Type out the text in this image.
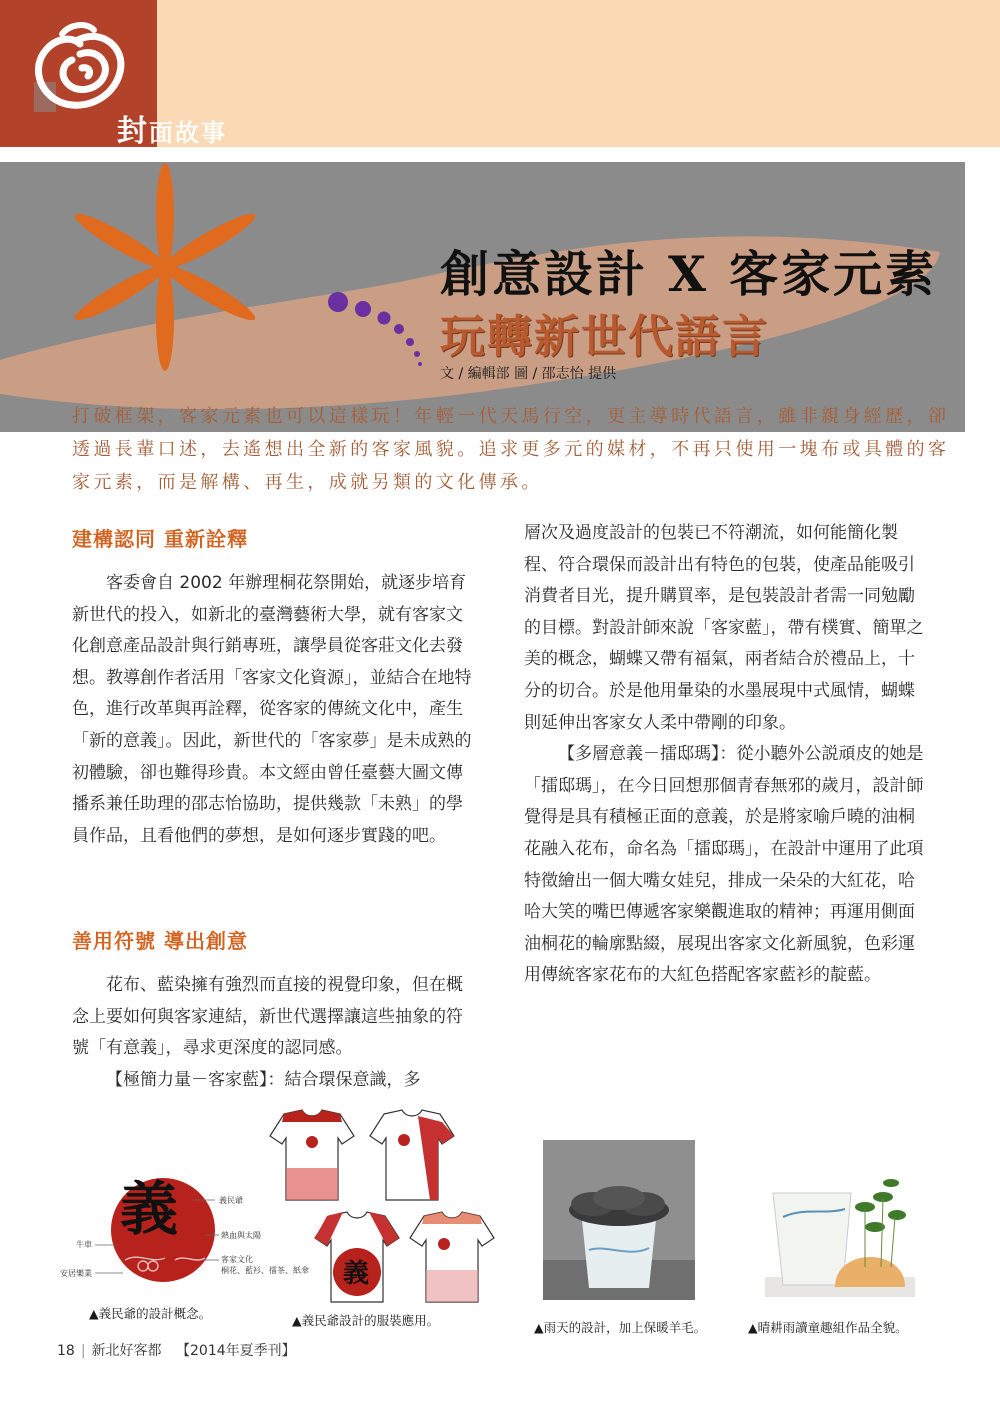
封面故事
創意設計 X 客家元素
玩轉新世代語言
文 / 編輯部 圖 / 邵志怡 提供
打破框架，客家元素也可以這樣玩！年輕一代天馬行空，更主導時代語言，雖非親身經歷，卻透過長輩口述，去遙想出全新的客家風貌。追求更多元的媒材，不再只使用一塊布或具體的客家元素，而是解構、再生，成就另類的文化傳承。
建構認同 重新詮釋

客委會自 2002 年辦理桐花祭開始，就逐步培育新世代的投入，如新北的臺灣藝術大學，就有客家文化創意產品設計與行銷專班，讓學員從客莊文化去發想。教導創作者活用「客家文化資源」，並結合在地特色，進行改革與再詮釋，從客家的傳統文化中，產生「新的意義」。因此，新世代的「客家夢」是未成熟的初體驗，卻也難得珍貴。本文經由曾任臺藝大圖文傳播系兼任助理的邵志怡協助，提供幾款「未熟」的學員作品，且看他們的夢想，是如何逐步實踐的吧。

善用符號 導出創意

花布、藍染擁有強烈而直接的視覺印象，但在概念上要如何與客家連結，新世代選擇讓這些抽象的符號「有意義」，尋求更深度的認同感。

【極簡力量－客家藍】：結合環保意識，多

層次及過度設計的包裝已不符潮流，如何能簡化製程、符合環保而設計出有特色的包裝，使產品能吸引消費者目光，提升購買率，是包裝設計者需一同勉勵的目標。對設計師來說「客家藍」，帶有樸實、簡單之美的概念，蝴蝶又帶有福氣，兩者結合於禮品上，十分的切合。於是他用暈染的水墨展現中式風情，蝴蝶則延伸出客家女人柔中帶剛的印象。

【多層意義－擂邸瑪】：從小聽外公説頑皮的她是「擂邸瑪」，在今日回想那個青春無邪的歲月，設計師覺得是具有積極正面的意義，於是將家喻戶曉的油桐花融入花布，命名為「擂邸瑪」，在設計中運用了此項特徵繪出一個大嘴女娃兒，排成一朵朵的大紅花，哈哈大笑的嘴巴傳遞客家樂觀進取的精神；再運用側面油桐花的輪廓點綴，展現出客家文化新風貌，色彩運用傳統客家花布的大紅色搭配客家藍衫的靛藍。

義	義民爺
熱血與太陽
客家文化
桐花、藍衫、擂茶、紙傘
牛車
安居樂業	義
▲義民爺的設計概念。	▲義民爺設計的服裝應用。	▲雨天的設計，加上保暖羊毛。	▲晴耕雨讀童趣組作品全貌。
18 | 新北好客都 【2014年夏季刊】
